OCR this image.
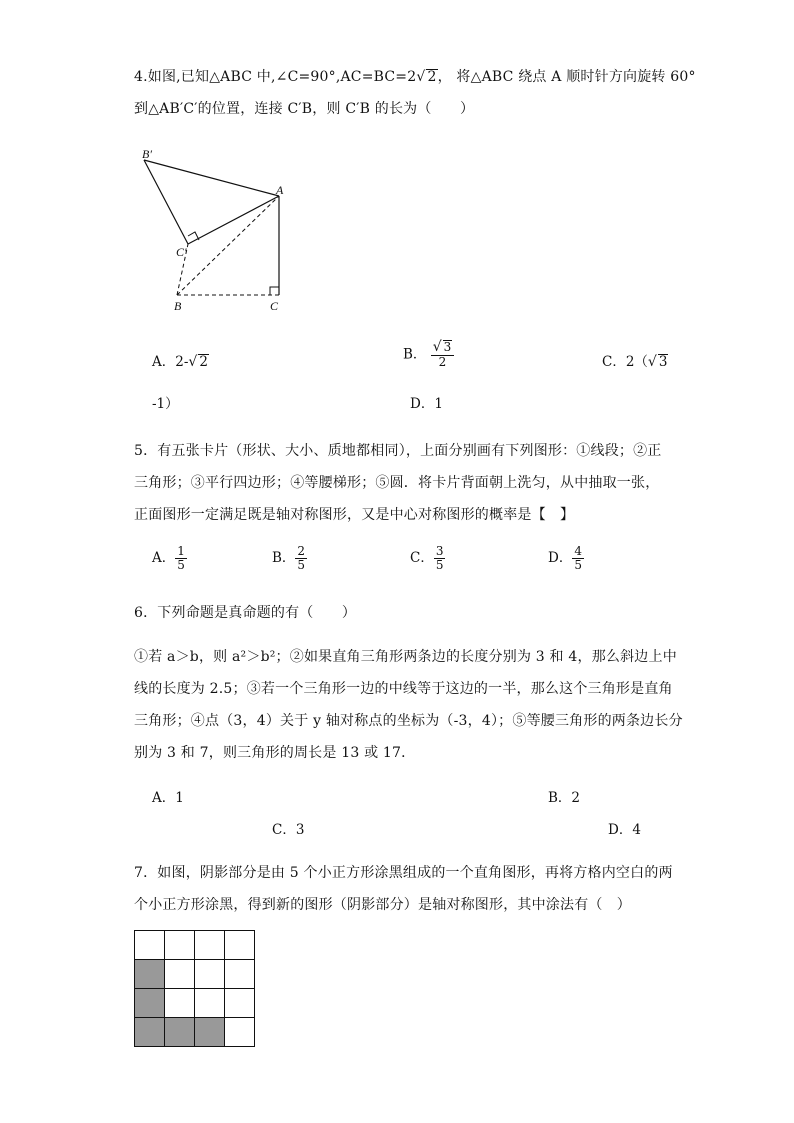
4.如图,已知△ABC 中,∠C=90°,AC=BC=2√ 2， 将△ABC 绕点 A 顺时针方向旋转 60°
到△AB′C′的位置，连接 C′B，则 C′B 的长为（　　）
B′
A
C′
B	C
A．2-√ 2	B． $\frac{√ 3}{2}$	C．2（√ 3
-1）	D．1
5．有五张卡片（形状、大小、质地都相同），上面分别画有下列图形：①线段；②正
三角形；③平行四边形；④等腰梯形；⑤圆．将卡片背面朝上洗匀，从中抽取一张，
正面图形一定满足既是轴对称图形，又是中心对称图形的概率是【　】
A． $\frac{1}{5}$	B． $\frac{2}{5}$	C． $\frac{3}{5}$	D． $\frac{4}{5}$
6．下列命题是真命题的有（　　）
①若 a＞b，则 a²＞b²；②如果直角三角形两条边的长度分别为 3 和 4，那么斜边上中
线的长度为 2.5；③若一个三角形一边的中线等于这边的一半，那么这个三角形是直角
三角形；④点（3，4）关于 y 轴对称点的坐标为（-3，4）；⑤等腰三角形的两条边长分
别为 3 和 7，则三角形的周长是 13 或 17．
A．1	B．2
C．3	D．4
7．如图，阴影部分是由 5 个小正方形涂黑组成的一个直角图形，再将方格内空白的两
个小正方形涂黑，得到新的图形（阴影部分）是轴对称图形，其中涂法有（　）
